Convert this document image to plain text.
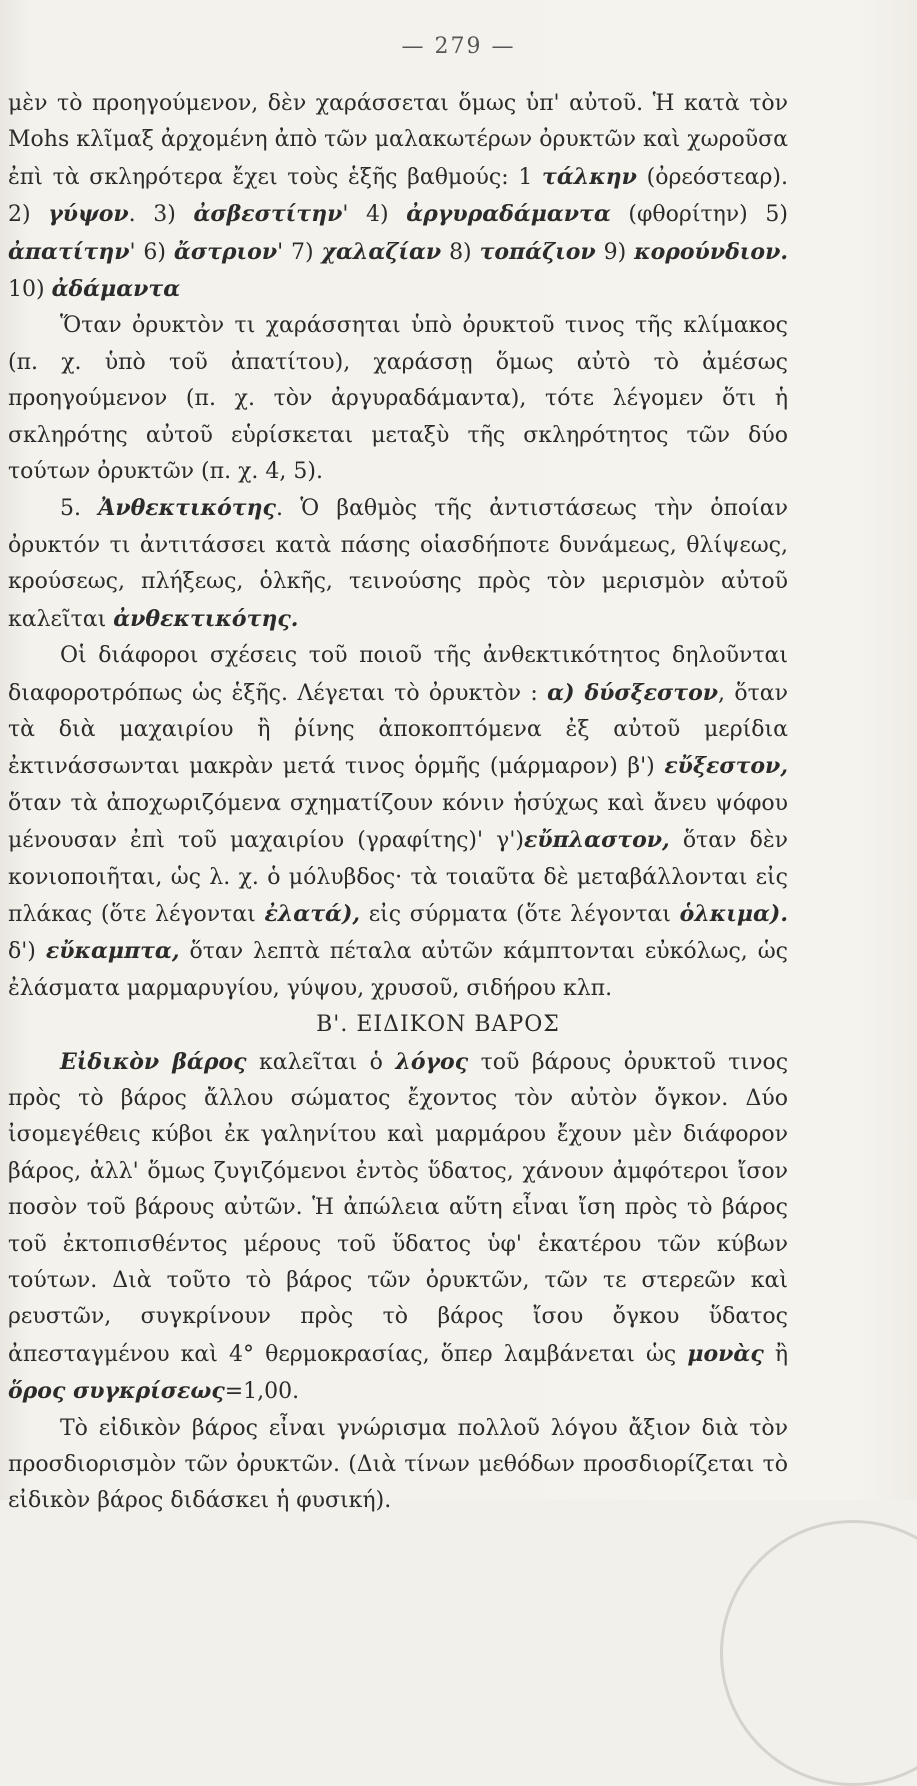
— 279 —

μὲν τὸ προηγούμενον, δὲν χαράσσεται ὅμως ὑπ' αὐτοῦ. Ἡ κατὰ τὸν Mohs κλῖμαξ ἀρχομένη ἀπὸ τῶν μαλακωτέρων ὀρυκτῶν καὶ χωροῦσα ἐπὶ τὰ σκληρότερα ἔχει τοὺς ἑξῆς βαθμούς: 1 τάλκην (ὀρεόστεαρ). 2) γύψον. 3) ἀσβεστίτην' 4) ἀργυραδάμαντα (φθορίτην) 5) ἀπατίτην' 6) ἄστριον' 7) χαλαζίαν 8) τοπάζιον 9) κορούνδιον. 10) ἀδάμαντα

Ὅταν ὀρυκτὸν τι χαράσσηται ὑπὸ ὀρυκτοῦ τινος τῆς κλίμακος (π. χ. ὑπὸ τοῦ ἀπατίτου), χαράσσῃ ὅμως αὐτὸ τὸ ἀμέσως προηγούμενον (π. χ. τὸν ἀργυραδάμαντα), τότε λέγομεν ὅτι ἡ σκληρότης αὐτοῦ εὑρίσκεται μεταξὺ τῆς σκληρότητος τῶν δύο τούτων ὀρυκτῶν (π. χ. 4, 5).

5. Ἀνθεκτικότης. Ὁ βαθμὸς τῆς ἀντιστάσεως τὴν ὁποίαν ὀρυκτόν τι ἀντιτάσσει κατὰ πάσης οἱασδήποτε δυνάμεως, θλίψεως, κρούσεως, πλήξεως, ὁλκῆς, τεινούσης πρὸς τὸν μερισμὸν αὐτοῦ καλεῖται ἀνθεκτικότης.

Οἱ διάφοροι σχέσεις τοῦ ποιοῦ τῆς ἀνθεκτικότητος δηλοῦνται διαφοροτρόπως ὡς ἑξῆς. Λέγεται τὸ ὀρυκτὸν : α) δύσξεστον, ὅταν τὰ διὰ μαχαιρίου ἢ ῥίνης ἀποκοπτόμενα ἐξ αὐτοῦ μερίδια ἐκτινάσσωνται μακρὰν μετά τινος ὁρμῆς (μάρμαρον) β') εὔξεστον, ὅταν τὰ ἀποχωριζόμενα σχηματίζουν κόνιν ἡσύχως καὶ ἄνευ ψόφου μένουσαν ἐπὶ τοῦ μαχαιρίου (γραφίτης)' γ')εὔπλαστον, ὅταν δὲν κονιοποιῆται, ὡς λ. χ. ὁ μόλυβδος· τὰ τοιαῦτα δὲ μεταβάλλονται εἰς πλάκας (ὅτε λέγονται ἐλατά), εἰς σύρματα (ὅτε λέγονται ὁλκιμα). δ') εὔκαμπτα, ὅταν λεπτὰ πέταλα αὐτῶν κάμπτονται εὐκόλως, ὡς ἐλάσματα μαρμαρυγίου, γύψου, χρυσοῦ, σιδήρου κλπ.

Β'. ΕΙΔΙΚΟΝ ΒΑΡΟΣ

Εἰδικὸν βάρος καλεῖται ὁ λόγος τοῦ βάρους ὀρυκτοῦ τινος πρὸς τὸ βάρος ἄλλου σώματος ἔχοντος τὸν αὐτὸν ὄγκον. Δύο ἰσομεγέθεις κύβοι ἐκ γαληνίτου καὶ μαρμάρου ἔχουν μὲν διάφορον βάρος, ἀλλ' ὅμως ζυγιζόμενοι ἐντὸς ὕδατος, χάνουν ἀμφότεροι ἴσον ποσὸν τοῦ βάρους αὐτῶν. Ἡ ἀπώλεια αὕτη εἶναι ἴση πρὸς τὸ βάρος τοῦ ἐκτοπισθέντος μέρους τοῦ ὕδατος ὑφ' ἑκατέρου τῶν κύβων τούτων. Διὰ τοῦτο τὸ βάρος τῶν ὀρυκτῶν, τῶν τε στερεῶν καὶ ρευστῶν, συγκρίνουν πρὸς τὸ βάρος ἴσου ὄγκου ὕδατος ἀπεσταγμένου καὶ 4° θερμοκρασίας, ὅπερ λαμβάνεται ὡς μονὰς ἢ ὅρος συγκρίσεως=1,00.

Τὸ εἰδικὸν βάρος εἶναι γνώρισμα πολλοῦ λόγου ἄξιον διὰ τὸν προσδιορισμὸν τῶν ὀρυκτῶν. (Διὰ τίνων μεθόδων προσδιορίζεται τὸ εἰδικὸν βάρος διδάσκει ἡ φυσική).
